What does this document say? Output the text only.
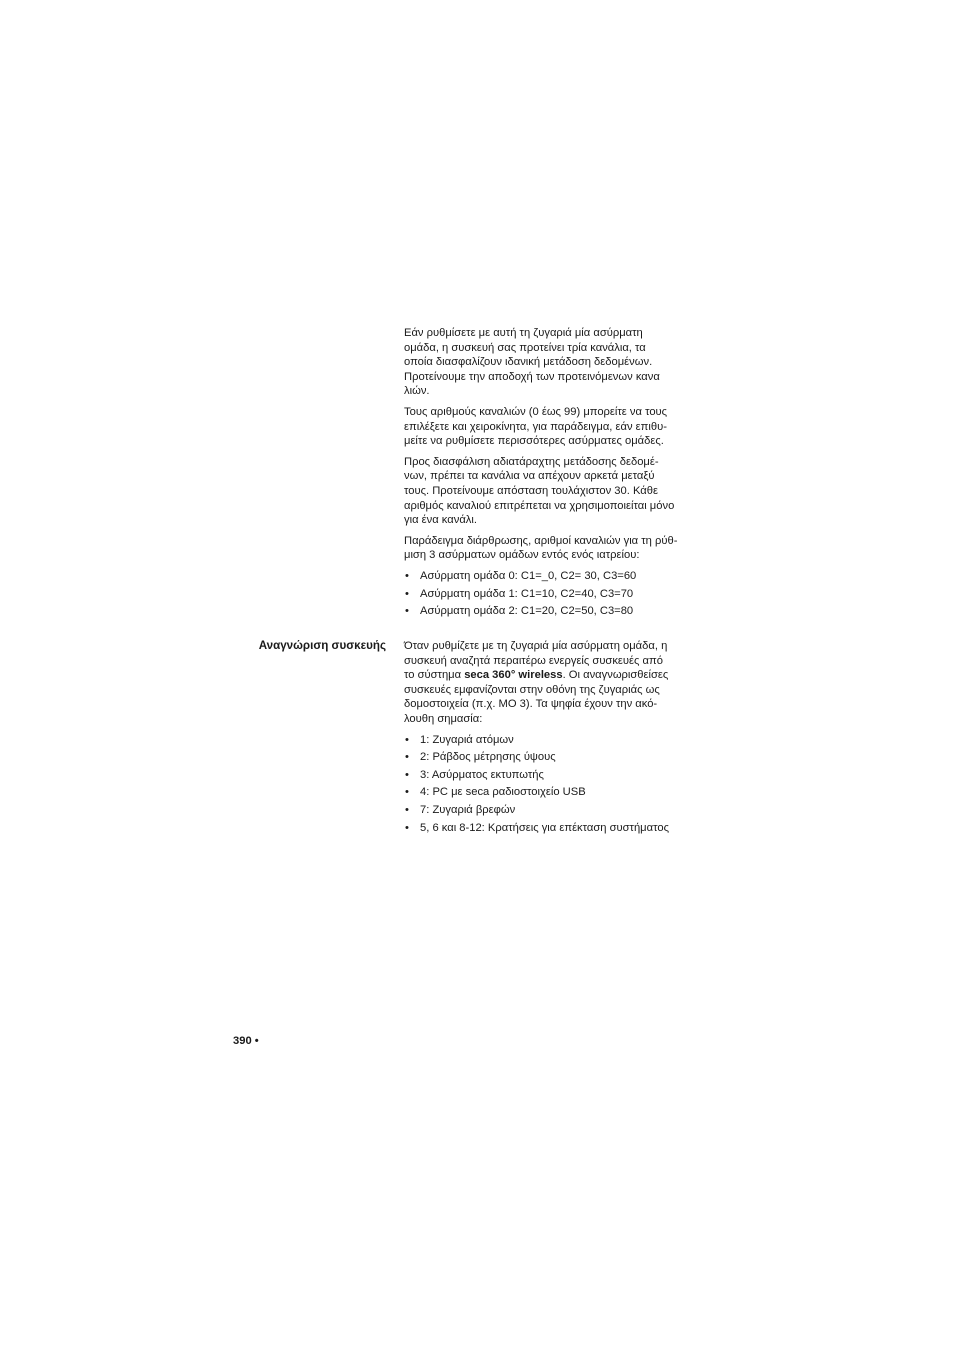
Εάν ρυθμίσετε με αυτή τη ζυγαριά μία ασύρματη
ομάδα, η συσκευή σας προτείνει τρία κανάλια, τα
οποία διασφαλίζουν ιδανική μετάδοση δεδομένων.
Προτείνουμε την αποδοχή των προτεινόμενων κανα
λιών.

Τους αριθμούς καναλιών (0 έως 99) μπορείτε να τους
επιλέξετε και χειροκίνητα, για παράδειγμα, εάν επιθυ-
μείτε να ρυθμίσετε περισσότερες ασύρματες ομάδες.

Προς διασφάλιση αδιατάραχτης μετάδοσης δεδομέ-
νων, πρέπει τα κανάλια να απέχουν αρκετά μεταξύ
τους. Προτείνουμε απόσταση τουλάχιστον 30. Κάθε
αριθμός καναλιού επιτρέπεται να χρησιμοποιείται μόνο
για ένα κανάλι.

Παράδειγμα διάρθρωσης, αριθμοί καναλιών για τη ρύθ-
μιση 3 ασύρματων ομάδων εντός ενός ιατρείου:

• Ασύρματη ομάδα 0: C1=_0, C2= 30, C3=60
• Ασύρματη ομάδα 1: C1=10, C2=40, C3=70
• Ασύρματη ομάδα 2: C1=20, C2=50, C3=80
Αναγνώριση συσκευής Όταν ρυθμίζετε με τη ζυγαριά μία ασύρματη ομάδα, η
συσκευή αναζητά περαιτέρω ενεργείς συσκευές από
το σύστημα seca 360° wireless. Οι αναγνωρισθείσες
συσκευές εμφανίζονται στην οθόνη της ζυγαριάς ως
δομοστοιχεία (π.χ. MO 3). Τα ψηφία έχουν την ακό-
λουθη σημασία:

• 1: Ζυγαριά ατόμων
• 2: Ράβδος μέτρησης ύψους
• 3: Ασύρματος εκτυπωτής
• 4: PC με seca ραδιοστοιχείο USB
• 7: Ζυγαριά βρεφών
• 5, 6 και 8-12: Κρατήσεις για επέκταση συστήματος
390 •
